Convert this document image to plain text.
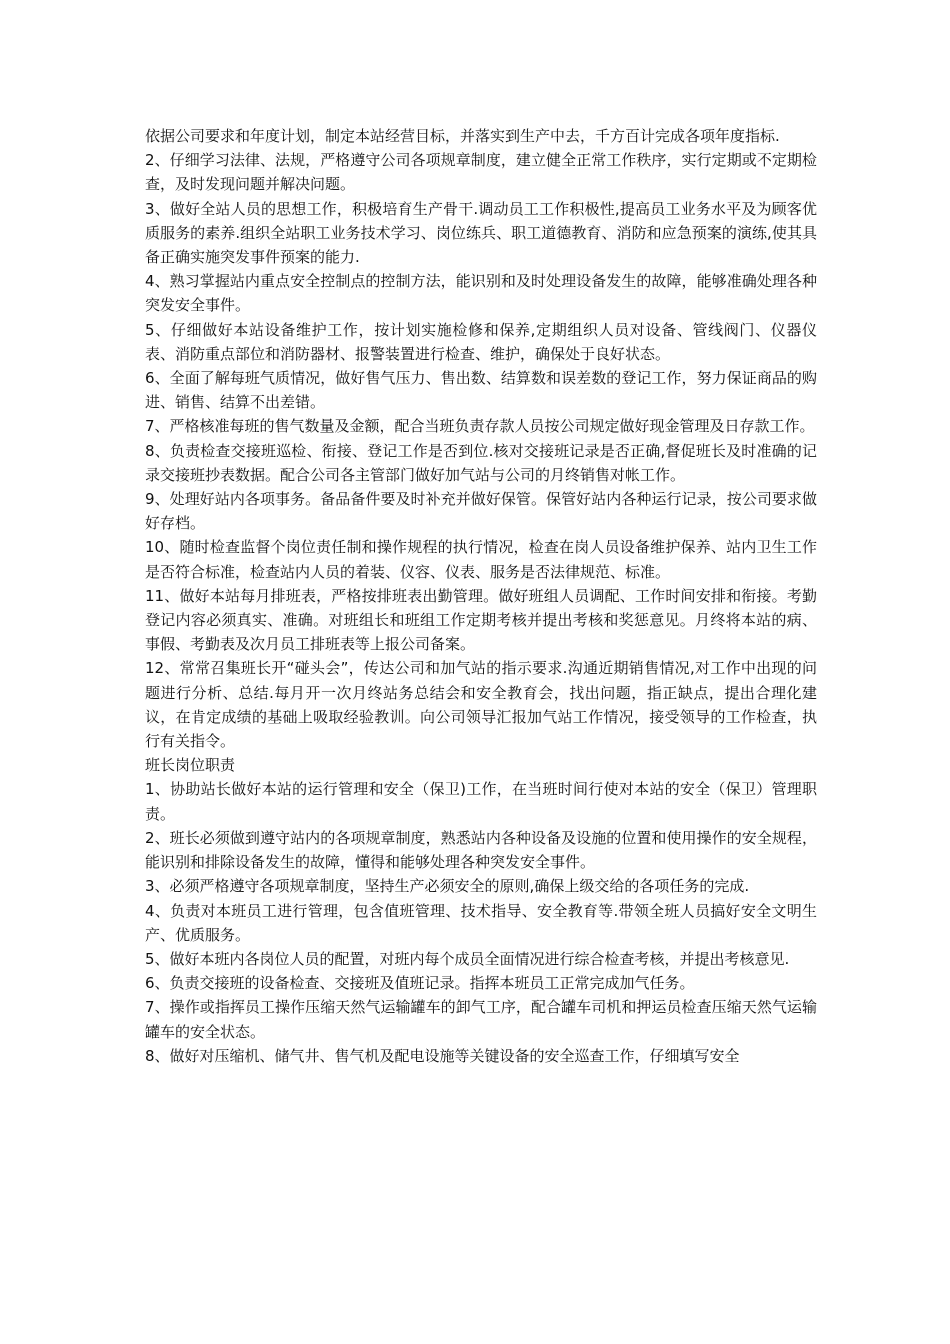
依据公司要求和年度计划，制定本站经营目标，并落实到生产中去，千方百计完成各项年度指标.

2、仔细学习法律、法规，严格遵守公司各项规章制度，建立健全正常工作秩序，实行定期或不定期检查，及时发现问题并解决问题。

3、做好全站人员的思想工作，积极培育生产骨干.调动员工工作积极性,提高员工业务水平及为顾客优质服务的素养.组织全站职工业务技术学习、岗位练兵、职工道德教育、消防和应急预案的演练,使其具备正确实施突发事件预案的能力.

4、熟习掌握站内重点安全控制点的控制方法，能识别和及时处理设备发生的故障，能够准确处理各种突发安全事件。

5、仔细做好本站设备维护工作，按计划实施检修和保养,定期组织人员对设备、管线阀门、仪器仪表、消防重点部位和消防器材、报警装置进行检查、维护，确保处于良好状态。

6、全面了解每班气质情况，做好售气压力、售出数、结算数和误差数的登记工作，努力保证商品的购进、销售、结算不出差错。

7、严格核准每班的售气数量及金额，配合当班负责存款人员按公司规定做好现金管理及日存款工作。

8、负责检查交接班巡检、衔接、登记工作是否到位.核对交接班记录是否正确,督促班长及时准确的记录交接班抄表数据。配合公司各主管部门做好加气站与公司的月终销售对帐工作。

9、处理好站内各项事务。备品备件要及时补充并做好保管。保管好站内各种运行记录，按公司要求做好存档。

10、随时检查监督个岗位责任制和操作规程的执行情况，检查在岗人员设备维护保养、站内卫生工作是否符合标准，检查站内人员的着装、仪容、仪表、服务是否法律规范、标准。

11、做好本站每月排班表，严格按排班表出勤管理。做好班组人员调配、工作时间安排和衔接。考勤登记内容必须真实、准确。对班组长和班组工作定期考核并提出考核和奖惩意见。月终将本站的病、事假、考勤表及次月员工排班表等上报公司备案。

12、常常召集班长开“碰头会”，传达公司和加气站的指示要求.沟通近期销售情况,对工作中出现的问题进行分析、总结.每月开一次月终站务总结会和安全教育会，找出问题，指正缺点，提出合理化建议，在肯定成绩的基础上吸取经验教训。向公司领导汇报加气站工作情况，接受领导的工作检查，执行有关指令。

班长岗位职责

1、协助站长做好本站的运行管理和安全（保卫)工作，在当班时间行使对本站的安全（保卫）管理职责。

2、班长必须做到遵守站内的各项规章制度，熟悉站内各种设备及设施的位置和使用操作的安全规程，能识别和排除设备发生的故障，懂得和能够处理各种突发安全事件。

3、必须严格遵守各项规章制度，坚持生产必须安全的原则,确保上级交给的各项任务的完成.

4、负责对本班员工进行管理，包含值班管理、技术指导、安全教育等.带领全班人员搞好安全文明生产、优质服务。

5、做好本班内各岗位人员的配置，对班内每个成员全面情况进行综合检查考核，并提出考核意见.

6、负责交接班的设备检查、交接班及值班记录。指挥本班员工正常完成加气任务。

7、操作或指挥员工操作压缩天然气运输罐车的卸气工序，配合罐车司机和押运员检查压缩天然气运输罐车的安全状态。

8、做好对压缩机、储气井、售气机及配电设施等关键设备的安全巡查工作，仔细填写安全
